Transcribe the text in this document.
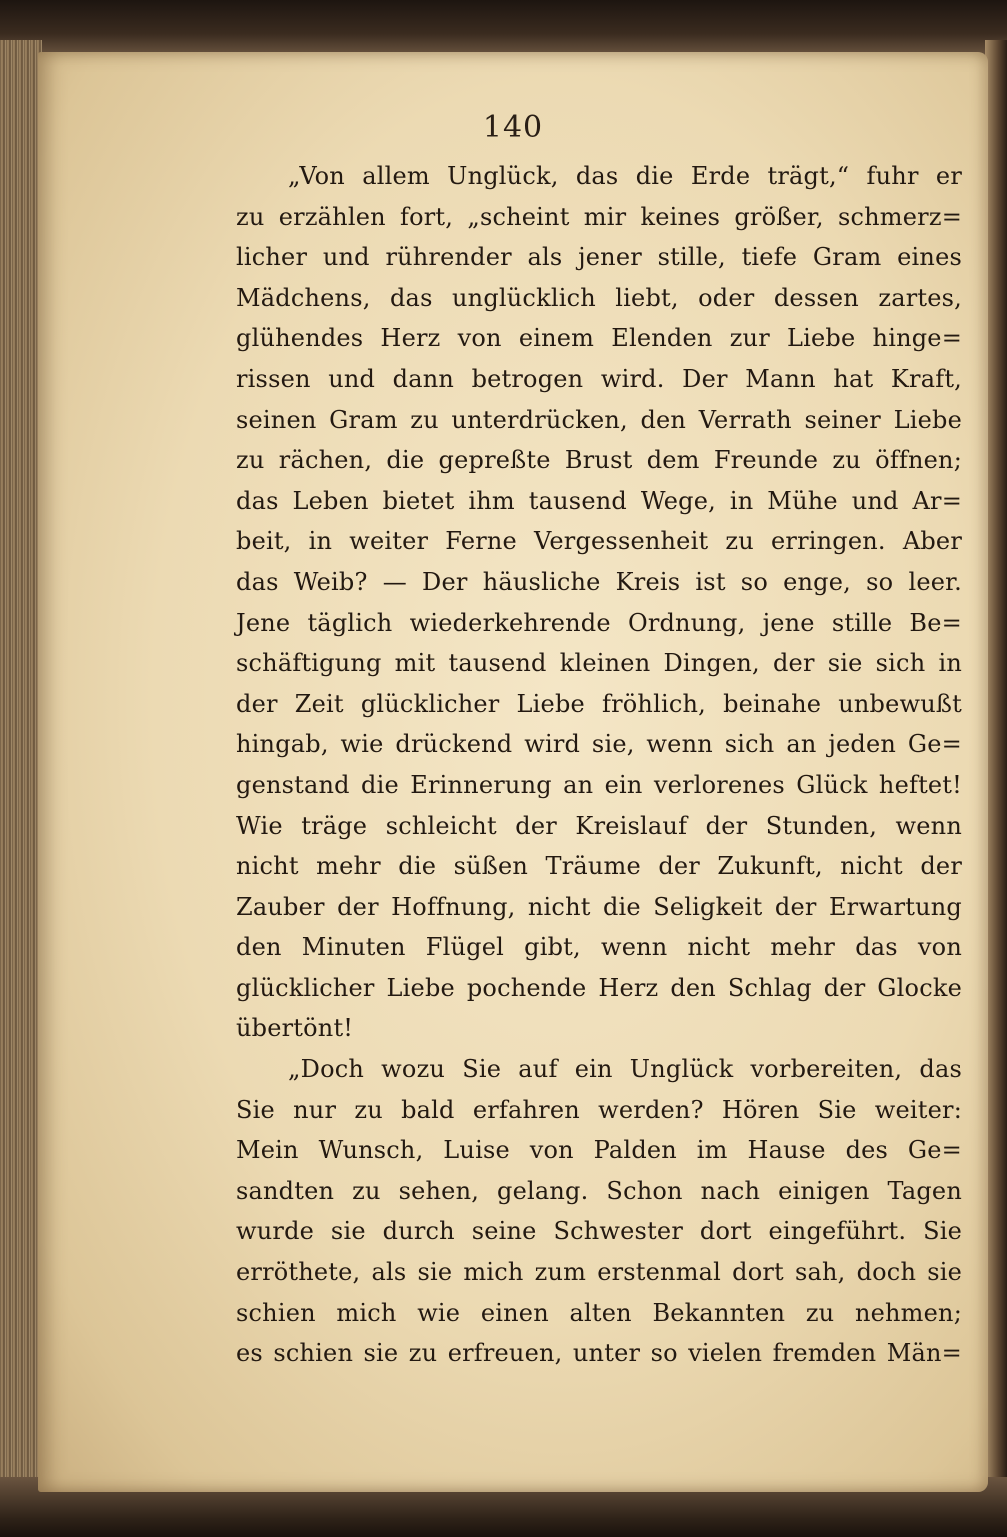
140
„Von allem Unglück, das die Erde trägt,“ fuhr er
zu erzählen fort, „scheint mir keines größer, schmerz=
licher und rührender als jener stille, tiefe Gram eines
Mädchens, das unglücklich liebt, oder dessen zartes,
glühendes Herz von einem Elenden zur Liebe hinge=
rissen und dann betrogen wird. Der Mann hat Kraft,
seinen Gram zu unterdrücken, den Verrath seiner Liebe
zu rächen, die gepreßte Brust dem Freunde zu öffnen;
das Leben bietet ihm tausend Wege, in Mühe und Ar=
beit, in weiter Ferne Vergessenheit zu erringen. Aber
das Weib? — Der häusliche Kreis ist so enge, so leer.
Jene täglich wiederkehrende Ordnung, jene stille Be=
schäftigung mit tausend kleinen Dingen, der sie sich in
der Zeit glücklicher Liebe fröhlich, beinahe unbewußt
hingab, wie drückend wird sie, wenn sich an jeden Ge=
genstand die Erinnerung an ein verlorenes Glück heftet!
Wie träge schleicht der Kreislauf der Stunden, wenn
nicht mehr die süßen Träume der Zukunft, nicht der
Zauber der Hoffnung, nicht die Seligkeit der Erwartung
den Minuten Flügel gibt, wenn nicht mehr das von
glücklicher Liebe pochende Herz den Schlag der Glocke
übertönt!
„Doch wozu Sie auf ein Unglück vorbereiten, das
Sie nur zu bald erfahren werden? Hören Sie weiter:
Mein Wunsch, Luise von Palden im Hause des Ge=
sandten zu sehen, gelang. Schon nach einigen Tagen
wurde sie durch seine Schwester dort eingeführt. Sie
erröthete, als sie mich zum erstenmal dort sah, doch sie
schien mich wie einen alten Bekannten zu nehmen;
es schien sie zu erfreuen, unter so vielen fremden Män=
